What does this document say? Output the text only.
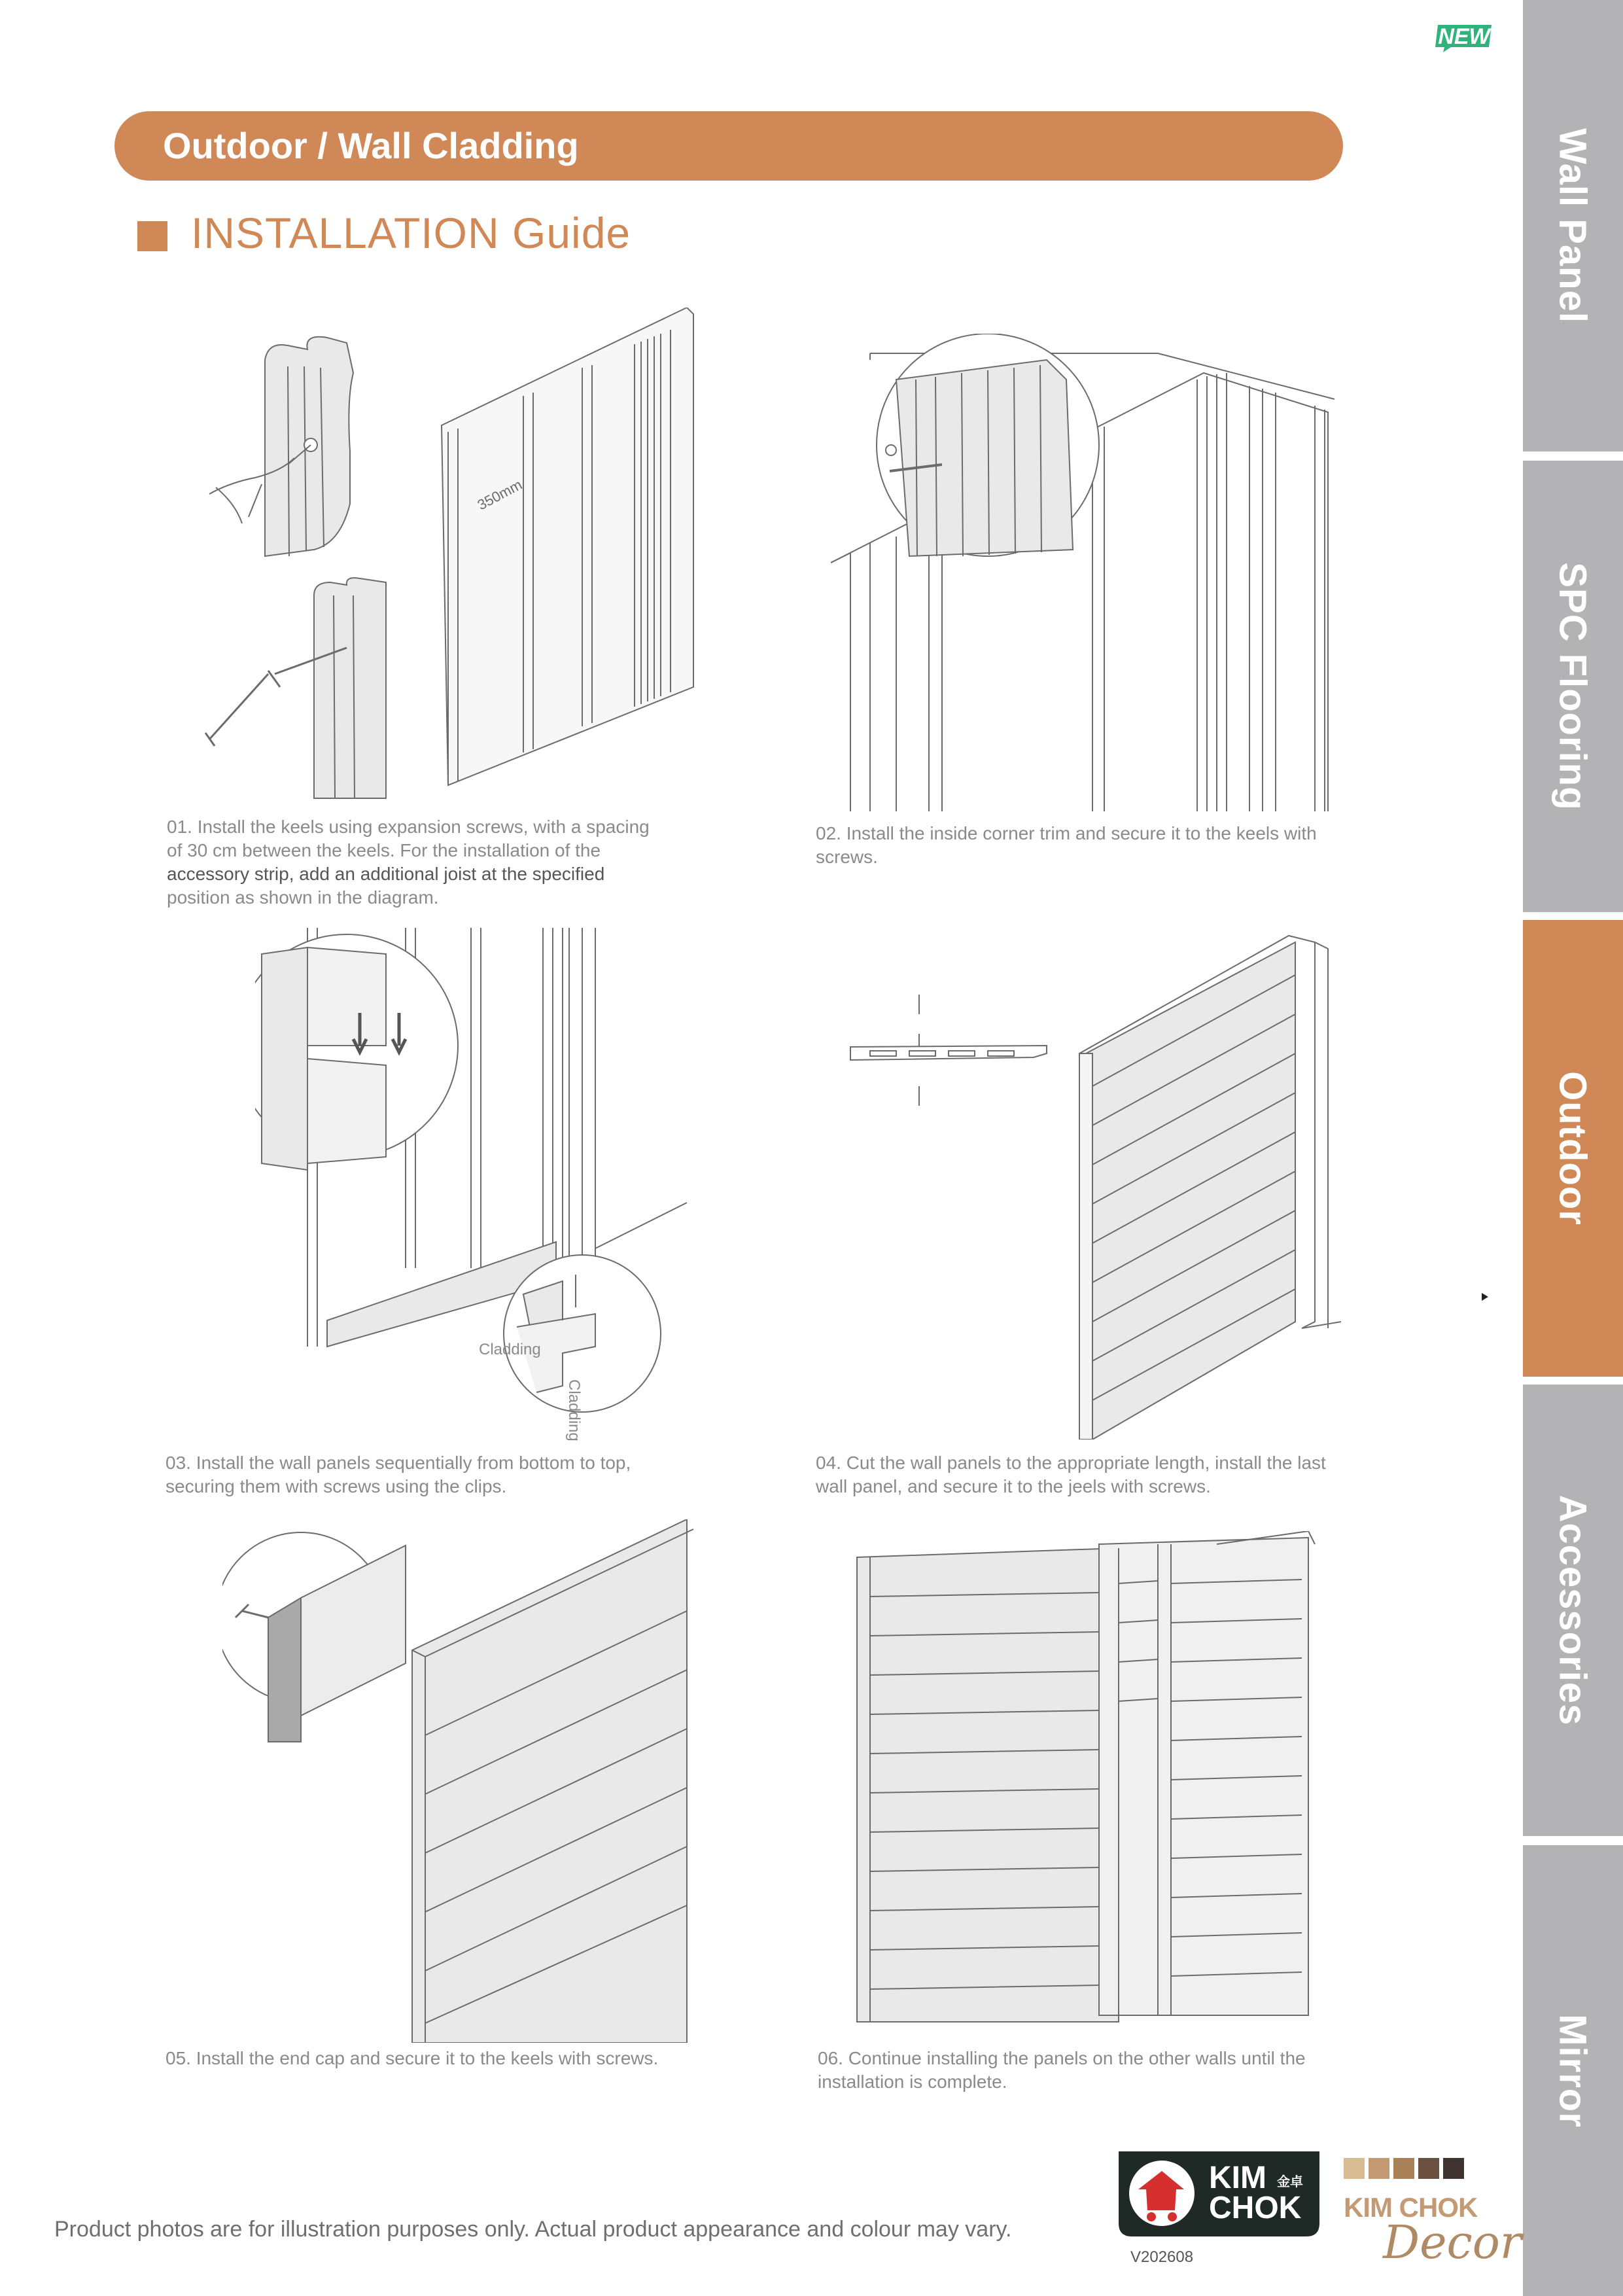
NEW
Outdoor / Wall Cladding
INSTALLATION Guide	Wall Panel
SPC Flooring
Outdoor
Accessories
Mirror
350mm
01. Install the keels using expansion screws, with a spacing of 30 cm between the keels. For the installation of the accessory strip, add an additional joist at the specified position as shown in the diagram.
02. Install the inside corner trim and secure it to the keels with screws.
Cladding
Cladding
03. Install the wall panels sequentially from bottom to top, securing them with screws using the clips.
04. Cut the wall panels to the appropriate length, install the last wall panel, and secure it to the jeels with screws.
05. Install the end cap and secure it to the keels with screws.	06. Continue installing the panels on the other walls until the installation is complete.
Product photos are for illustration purposes only. Actual product appearance and colour may vary.
KIM
CHOK
金卓
V202608
KIM CHOK
Decor
